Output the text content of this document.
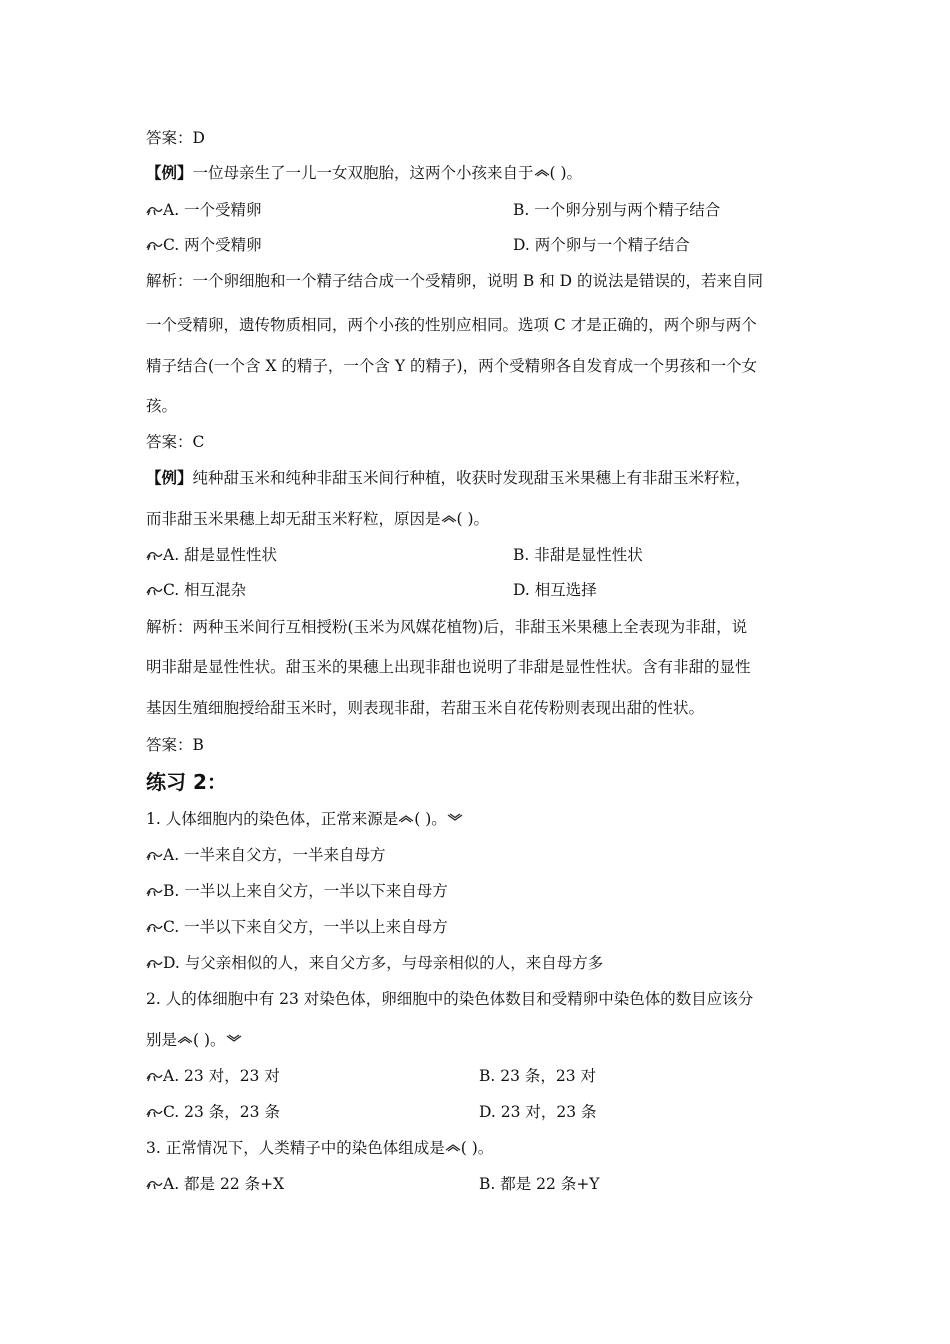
答案：D
【例】一位母亲生了一儿一女双胞胎，这两个小孩来自于 ( )。
A. 一个受精卵	B. 一个卵分别与两个精子结合
C. 两个受精卵	D. 两个卵与一个精子结合
解析：一个卵细胞和一个精子结合成一个受精卵，说明 B 和 D 的说法是错误的，若来自同
一个受精卵，遗传物质相同，两个小孩的性别应相同。选项 C 才是正确的，两个卵与两个
精子结合(一个含 X 的精子，一个含 Y 的精子)，两个受精卵各自发育成一个男孩和一个女
孩。
答案：C
【例】纯种甜玉米和纯种非甜玉米间行种植，收获时发现甜玉米果穗上有非甜玉米籽粒，
而非甜玉米果穗上却无甜玉米籽粒，原因是 ( )。
A. 甜是显性性状	B. 非甜是显性性状
C. 相互混杂	D. 相互选择
解析：两种玉米间行互相授粉(玉米为风媒花植物)后，非甜玉米果穗上全表现为非甜，说
明非甜是显性性状。甜玉米的果穗上出现非甜也说明了非甜是显性性状。含有非甜的显性
基因生殖细胞授给甜玉米时，则表现非甜，若甜玉米自花传粉则表现出甜的性状。
答案：B
练习 2：
1. 人体细胞内的染色体，正常来源是 ( )。
A. 一半来自父方，一半来自母方
B. 一半以上来自父方，一半以下来自母方
C. 一半以下来自父方，一半以上来自母方
D. 与父亲相似的人，来自父方多，与母亲相似的人，来自母方多
2. 人的体细胞中有 23 对染色体，卵细胞中的染色体数目和受精卵中染色体的数目应该分
别是 ( )。
A. 23 对，23 对	B. 23 条，23 对
C. 23 条，23 条	D. 23 对，23 条
3. 正常情况下，人类精子中的染色体组成是 ( )。
A. 都是 22 条+X	B. 都是 22 条+Y
